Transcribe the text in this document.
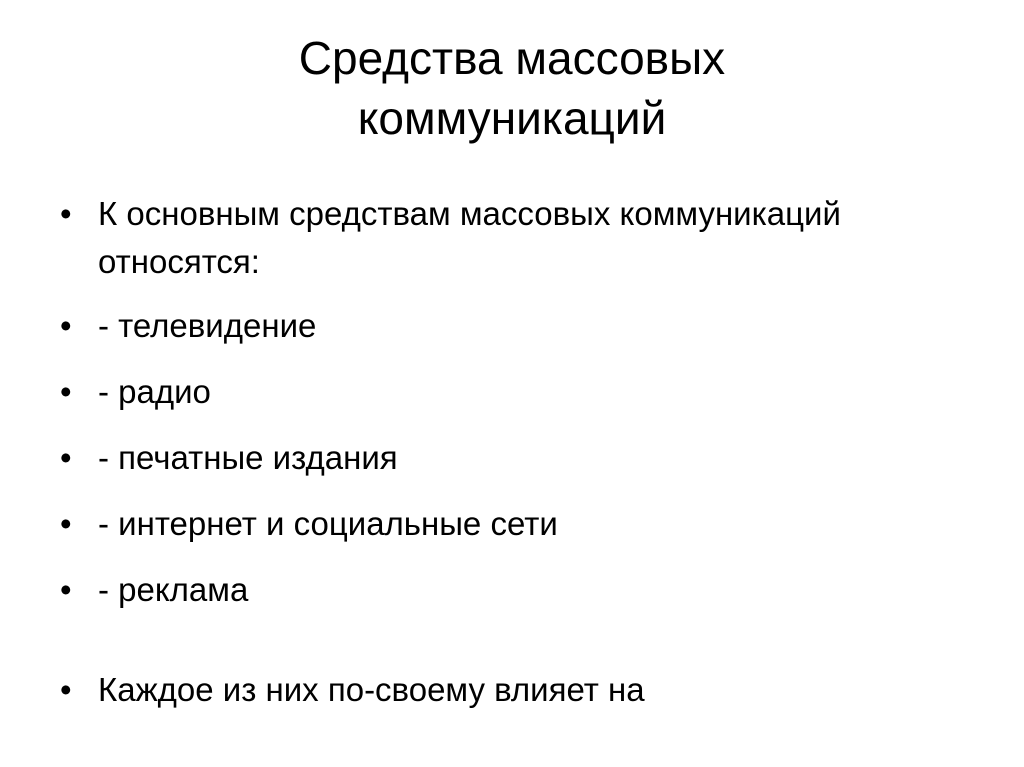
Средства массовых
коммуникаций
• К основным средствам массовых коммуникаций относятся:
• - телевидение
• - радио
• - печатные издания
• - интернет и социальные сети
• - реклама
• Каждое из них по-своему влияет на
